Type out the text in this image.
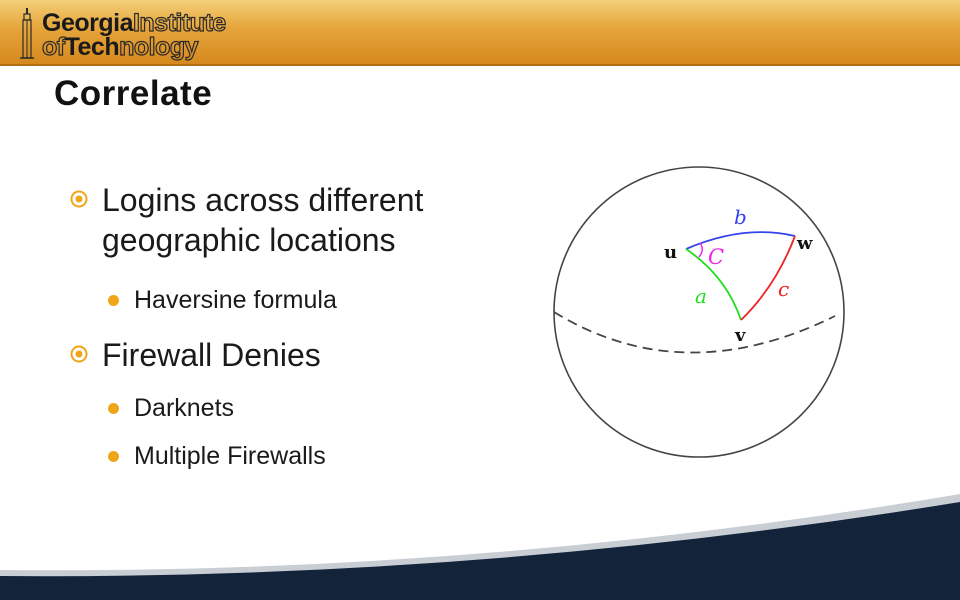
GeorgiaInstitute
ofTechnology
Correlate
Logins across different geographic locations
Haversine formula
Firewall Denies
Darknets
Multiple Firewalls
u	w
v
b
a	c
C
